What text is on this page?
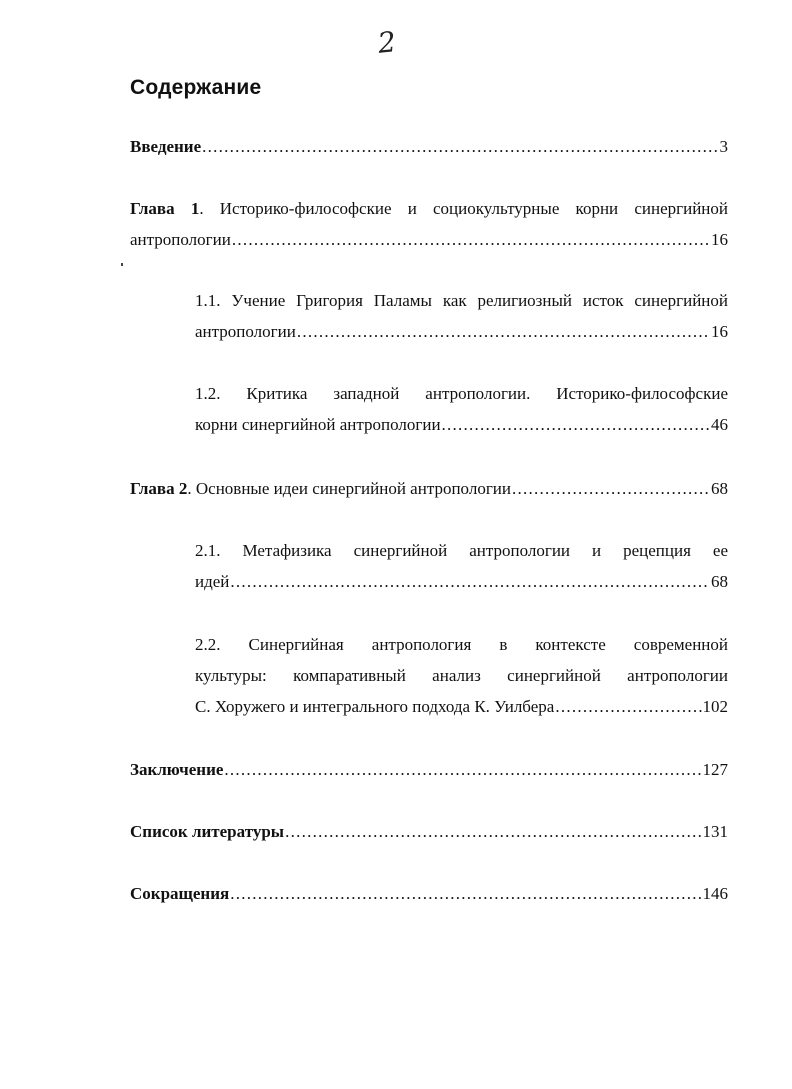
2
Содержание
Введение . . .	3
Глава 1. Историко-философские и социокультурные корни синергийной
антропологии . . .	16
1.1. Учение Григория Паламы как религиозный исток синергийной
антропологии . . .	16
1.2. Критика западной антропологии. Историко-философские
корни синергийной антропологии . . .	46
Глава 2 . Основные идеи синергийной антропологии . . .	68
2.1. Метафизика синергийной антропологии и рецепция ее
идей . . .	68
2.2. Синергийная антропология в контексте современной
культуры: компаративный анализ синергийной антропологии
С. Хоружего и интегрального подхода К. Уилбера . . .	102
Заключение . . .	127
Список литературы . . .	131
Сокращения . . .	146
